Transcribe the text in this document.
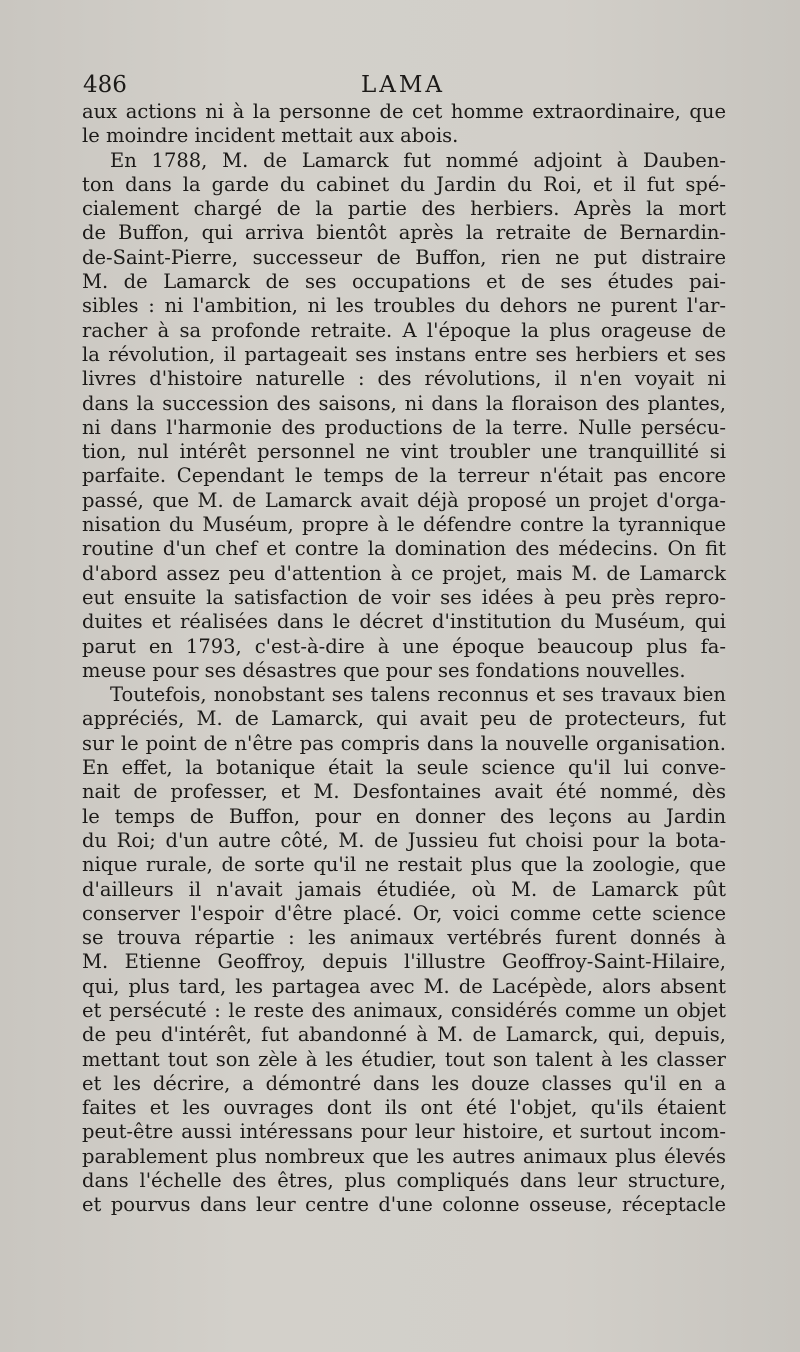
486	LAMA
aux actions ni à la personne de cet homme extraordinaire, que
le moindre incident mettait aux abois.
En 1788, M. de Lamarck fut nommé adjoint à Dauben-
ton dans la garde du cabinet du Jardin du Roi, et il fut spé-
cialement chargé de la partie des herbiers. Après la mort
de Buffon, qui arriva bientôt après la retraite de Bernardin-
de-Saint-Pierre, successeur de Buffon, rien ne put distraire
M. de Lamarck de ses occupations et de ses études pai-
sibles : ni l'ambition, ni les troubles du dehors ne purent l'ar-
racher à sa profonde retraite. A l'époque la plus orageuse de
la révolution, il partageait ses instans entre ses herbiers et ses
livres d'histoire naturelle : des révolutions, il n'en voyait ni
dans la succession des saisons, ni dans la floraison des plantes,
ni dans l'harmonie des productions de la terre. Nulle persécu-
tion, nul intérêt personnel ne vint troubler une tranquillité si
parfaite. Cependant le temps de la terreur n'était pas encore
passé, que M. de Lamarck avait déjà proposé un projet d'orga-
nisation du Muséum, propre à le défendre contre la tyrannique
routine d'un chef et contre la domination des médecins. On fit
d'abord assez peu d'attention à ce projet, mais M. de Lamarck
eut ensuite la satisfaction de voir ses idées à peu près repro-
duites et réalisées dans le décret d'institution du Muséum, qui
parut en 1793, c'est-à-dire à une époque beaucoup plus fa-
meuse pour ses désastres que pour ses fondations nouvelles.
Toutefois, nonobstant ses talens reconnus et ses travaux bien
appréciés, M. de Lamarck, qui avait peu de protecteurs, fut
sur le point de n'être pas compris dans la nouvelle organisation.
En effet, la botanique était la seule science qu'il lui conve-
nait de professer, et M. Desfontaines avait été nommé, dès
le temps de Buffon, pour en donner des leçons au Jardin
du Roi; d'un autre côté, M. de Jussieu fut choisi pour la bota-
nique rurale, de sorte qu'il ne restait plus que la zoologie, que
d'ailleurs il n'avait jamais étudiée, où M. de Lamarck pût
conserver l'espoir d'être placé. Or, voici comme cette science
se trouva répartie : les animaux vertébrés furent donnés à
M. Etienne Geoffroy, depuis l'illustre Geoffroy-Saint-Hilaire,
qui, plus tard, les partagea avec M. de Lacépède, alors absent
et persécuté : le reste des animaux, considérés comme un objet
de peu d'intérêt, fut abandonné à M. de Lamarck, qui, depuis,
mettant tout son zèle à les étudier, tout son talent à les classer
et les décrire, a démontré dans les douze classes qu'il en a
faites et les ouvrages dont ils ont été l'objet, qu'ils étaient
peut-être aussi intéressans pour leur histoire, et surtout incom-
parablement plus nombreux que les autres animaux plus élevés
dans l'échelle des êtres, plus compliqués dans leur structure,
et pourvus dans leur centre d'une colonne osseuse, réceptacle
